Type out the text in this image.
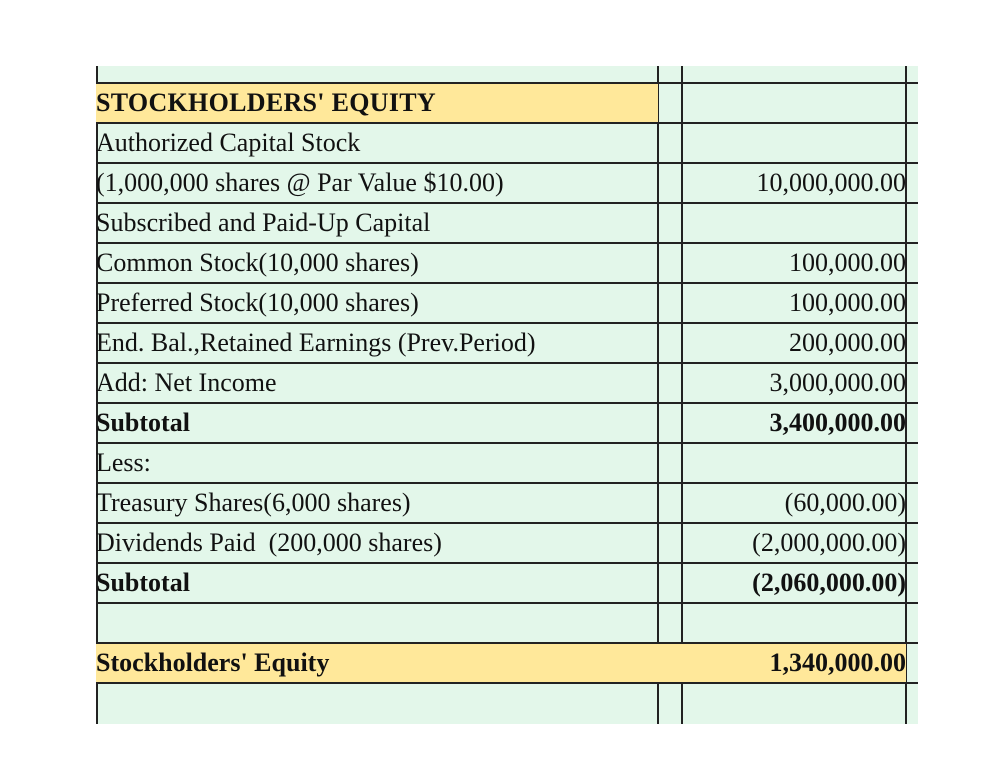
STOCKHOLDERS' EQUITY			
Authorized Capital Stock			
(1,000,000 shares @ Par Value $10.00)		10,000,000.00	
Subscribed and Paid-Up Capital			
Common Stock(10,000 shares)		100,000.00	
Preferred Stock(10,000 shares)		100,000.00	
End. Bal.,Retained Earnings (Prev.Period)		200,000.00	
Add: Net Income		3,000,000.00	
Subtotal		3,400,000.00	
Less:			
Treasury Shares(6,000 shares)		(60,000.00)	
Dividends Paid  (200,000 shares)		(2,000,000.00)	
Subtotal		(2,060,000.00)	

Stockholders' Equity		1,340,000.00	
